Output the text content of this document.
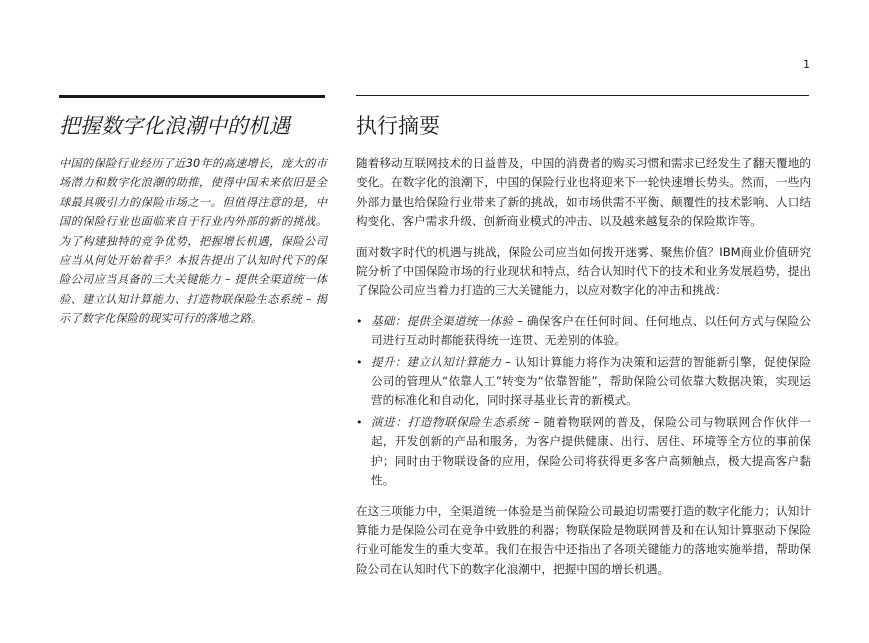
1
把握数字化浪潮中的机遇	执行摘要

中国的保险行业经历了近30年的高速增长，庞大的市场潜力和数字化浪潮的助推，使得中国未来依旧是全球最具吸引力的保险市场之一。但值得注意的是，中国的保险行业也面临来自于行业内外部的新的挑战。为了构建独特的竞争优势，把握增长机遇，保险公司应当从何处开始着手？本报告提出了认知时代下的保险公司应当具备的三大关键能力 – 提供全渠道统一体验、建立认知计算能力、打造物联保险生态系统 – 揭示了数字化保险的现实可行的落地之路。

随着移动互联网技术的日益普及，中国的消费者的购买习惯和需求已经发生了翻天覆地的变化。在数字化的浪潮下，中国的保险行业也将迎来下一轮快速增长势头。然而，一些内外部力量也给保险行业带来了新的挑战，如市场供需不平衡、颠覆性的技术影响、人口结构变化、客户需求升级、创新商业模式的冲击、以及越来越复杂的保险欺诈等。

面对数字时代的机遇与挑战，保险公司应当如何拨开迷雾、聚焦价值？IBM商业价值研究院分析了中国保险市场的行业现状和特点，结合认知时代下的技术和业务发展趋势，提出了保险公司应当着力打造的三大关键能力，以应对数字化的冲击和挑战：

• 基础：提供全渠道统一体验 – 确保客户在任何时间、任何地点、以任何方式与保险公司进行互动时都能获得统一连贯、无差别的体验。
• 提升：建立认知计算能力 – 认知计算能力将作为决策和运营的智能新引擎，促使保险公司的管理从“依靠人工”转变为“依靠智能”，帮助保险公司依靠大数据决策，实现运营的标准化和自动化，同时探寻基业长青的新模式。
• 演进：打造物联保险生态系统 – 随着物联网的普及，保险公司与物联网合作伙伴一起，开发创新的产品和服务，为客户提供健康、出行、居住、环境等全方位的事前保护；同时由于物联设备的应用，保险公司将获得更多客户高频触点，极大提高客户黏性。

在这三项能力中，全渠道统一体验是当前保险公司最迫切需要打造的数字化能力；认知计算能力是保险公司在竞争中致胜的利器；物联保险是物联网普及和在认知计算驱动下保险行业可能发生的重大变革。我们在报告中还指出了各项关键能力的落地实施举措，帮助保险公司在认知时代下的数字化浪潮中，把握中国的增长机遇。
